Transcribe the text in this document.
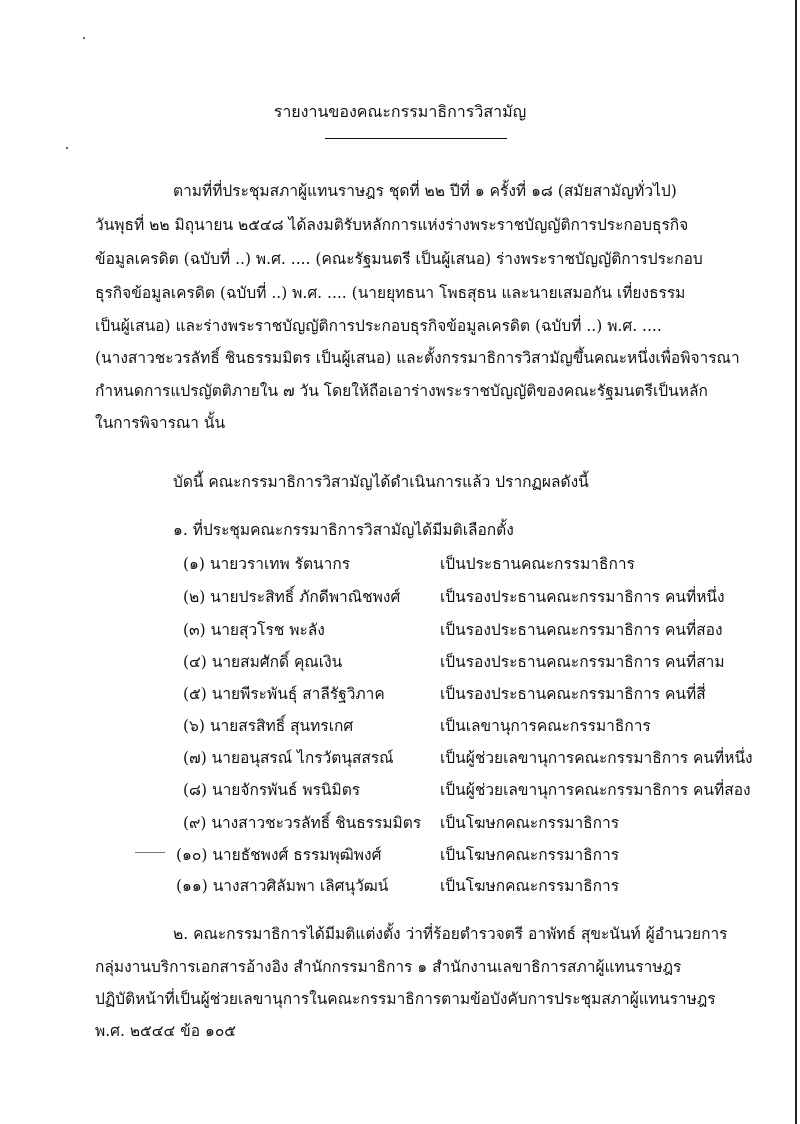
รายงานของคณะกรรมาธิการวิสามัญ
ตามที่ที่ประชุมสภาผู้แทนราษฎร ชุดที่ ๒๒ ปีที่ ๑ ครั้งที่ ๑๘ (สมัยสามัญทั่วไป)
วันพุธที่ ๒๒ มิถุนายน ๒๕๔๘ ได้ลงมติรับหลักการแห่งร่างพระราชบัญญัติการประกอบธุรกิจ
ข้อมูลเครดิต (ฉบับที่ ..) พ.ศ. .... (คณะรัฐมนตรี เป็นผู้เสนอ) ร่างพระราชบัญญัติการประกอบ
ธุรกิจข้อมูลเครดิต (ฉบับที่ ..) พ.ศ. .... (นายยุทธนา โพธสุธน และนายเสมอกัน เที่ยงธรรม
เป็นผู้เสนอ) และร่างพระราชบัญญัติการประกอบธุรกิจข้อมูลเครดิต (ฉบับที่ ..) พ.ศ. ....
(นางสาวชะวรลัทธิ์ ชินธรรมมิตร เป็นผู้เสนอ) และตั้งกรรมาธิการวิสามัญขึ้นคณะหนึ่งเพื่อพิจารณา
กำหนดการแปรญัตติภายใน ๗ วัน โดยให้ถือเอาร่างพระราชบัญญัติของคณะรัฐมนตรีเป็นหลัก
ในการพิจารณา นั้น
บัดนี้ คณะกรรมาธิการวิสามัญได้ดำเนินการแล้ว ปรากฏผลดังนี้
๑. ที่ประชุมคณะกรรมาธิการวิสามัญได้มีมติเลือกตั้ง
(๑) นายวราเทพ รัตนากร	เป็นประธานคณะกรรมาธิการ
(๒) นายประสิทธิ์ ภักดีพาณิชพงศ์	เป็นรองประธานคณะกรรมาธิการ คนที่หนึ่ง
(๓) นายสุวโรช พะลัง	เป็นรองประธานคณะกรรมาธิการ คนที่สอง
(๔) นายสมศักดิ์ คุณเงิน	เป็นรองประธานคณะกรรมาธิการ คนที่สาม
(๕) นายพีระพันธุ์ สาลีรัฐวิภาค	เป็นรองประธานคณะกรรมาธิการ คนที่สี่
(๖) นายสรสิทธิ์ สุนทรเกศ	เป็นเลขานุการคณะกรรมาธิการ
(๗) นายอนุสรณ์ ไกรวัตนุสสรณ์	เป็นผู้ช่วยเลขานุการคณะกรรมาธิการ คนที่หนึ่ง
(๘) นายจักรพันธ์ พรนิมิตร	เป็นผู้ช่วยเลขานุการคณะกรรมาธิการ คนที่สอง
(๙) นางสาวชะวรลัทธิ์ ชินธรรมมิตร เป็นโฆษกคณะกรรมาธิการ
(๑๐) นายธัชพงศ์ ธรรมพุฒิพงศ์	เป็นโฆษกคณะกรรมาธิการ
(๑๑) นางสาวศิลัมพา เลิศนุวัฒน์	เป็นโฆษกคณะกรรมาธิการ
๒. คณะกรรมาธิการได้มีมติแต่งตั้ง ว่าที่ร้อยตำรวจตรี อาพัทธ์ สุขะนันท์ ผู้อำนวยการ
กลุ่มงานบริการเอกสารอ้างอิง สำนักกรรมาธิการ ๑ สำนักงานเลขาธิการสภาผู้แทนราษฎร
ปฏิบัติหน้าที่เป็นผู้ช่วยเลขานุการในคณะกรรมาธิการตามข้อบังคับการประชุมสภาผู้แทนราษฎร
พ.ศ. ๒๕๔๔ ข้อ ๑๐๕
